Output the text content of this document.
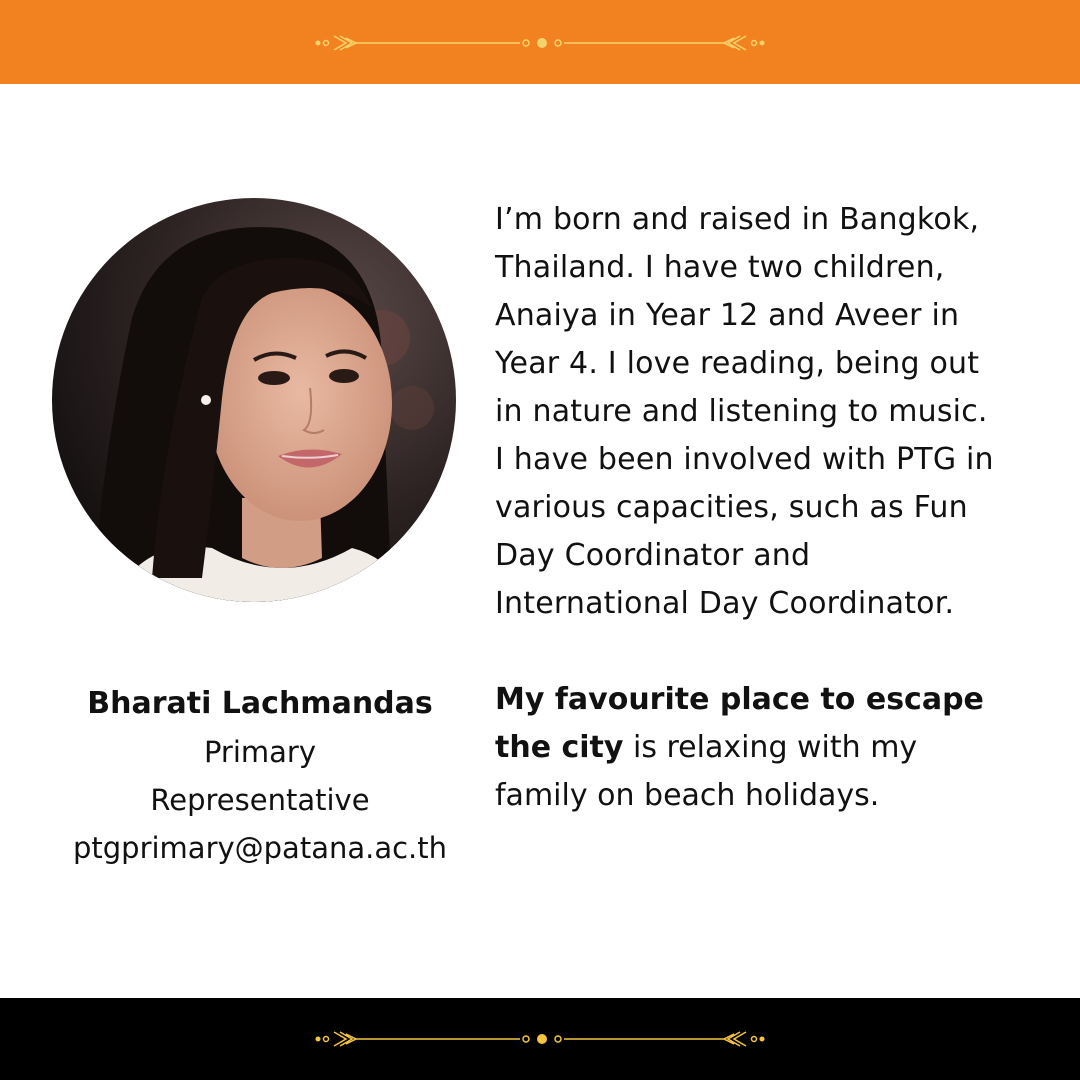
Bharati Lachmandas
Primary
Representative
ptgprimary@patana.ac.th
I’m born and raised in Bangkok,
Thailand. I have two children,
Anaiya in Year 12 and Aveer in
Year 4. I love reading, being out
in nature and listening to music.
I have been involved with PTG in
various capacities, such as Fun
Day Coordinator and
International Day Coordinator.
My favourite place to escape
the city is relaxing with my
family on beach holidays.
